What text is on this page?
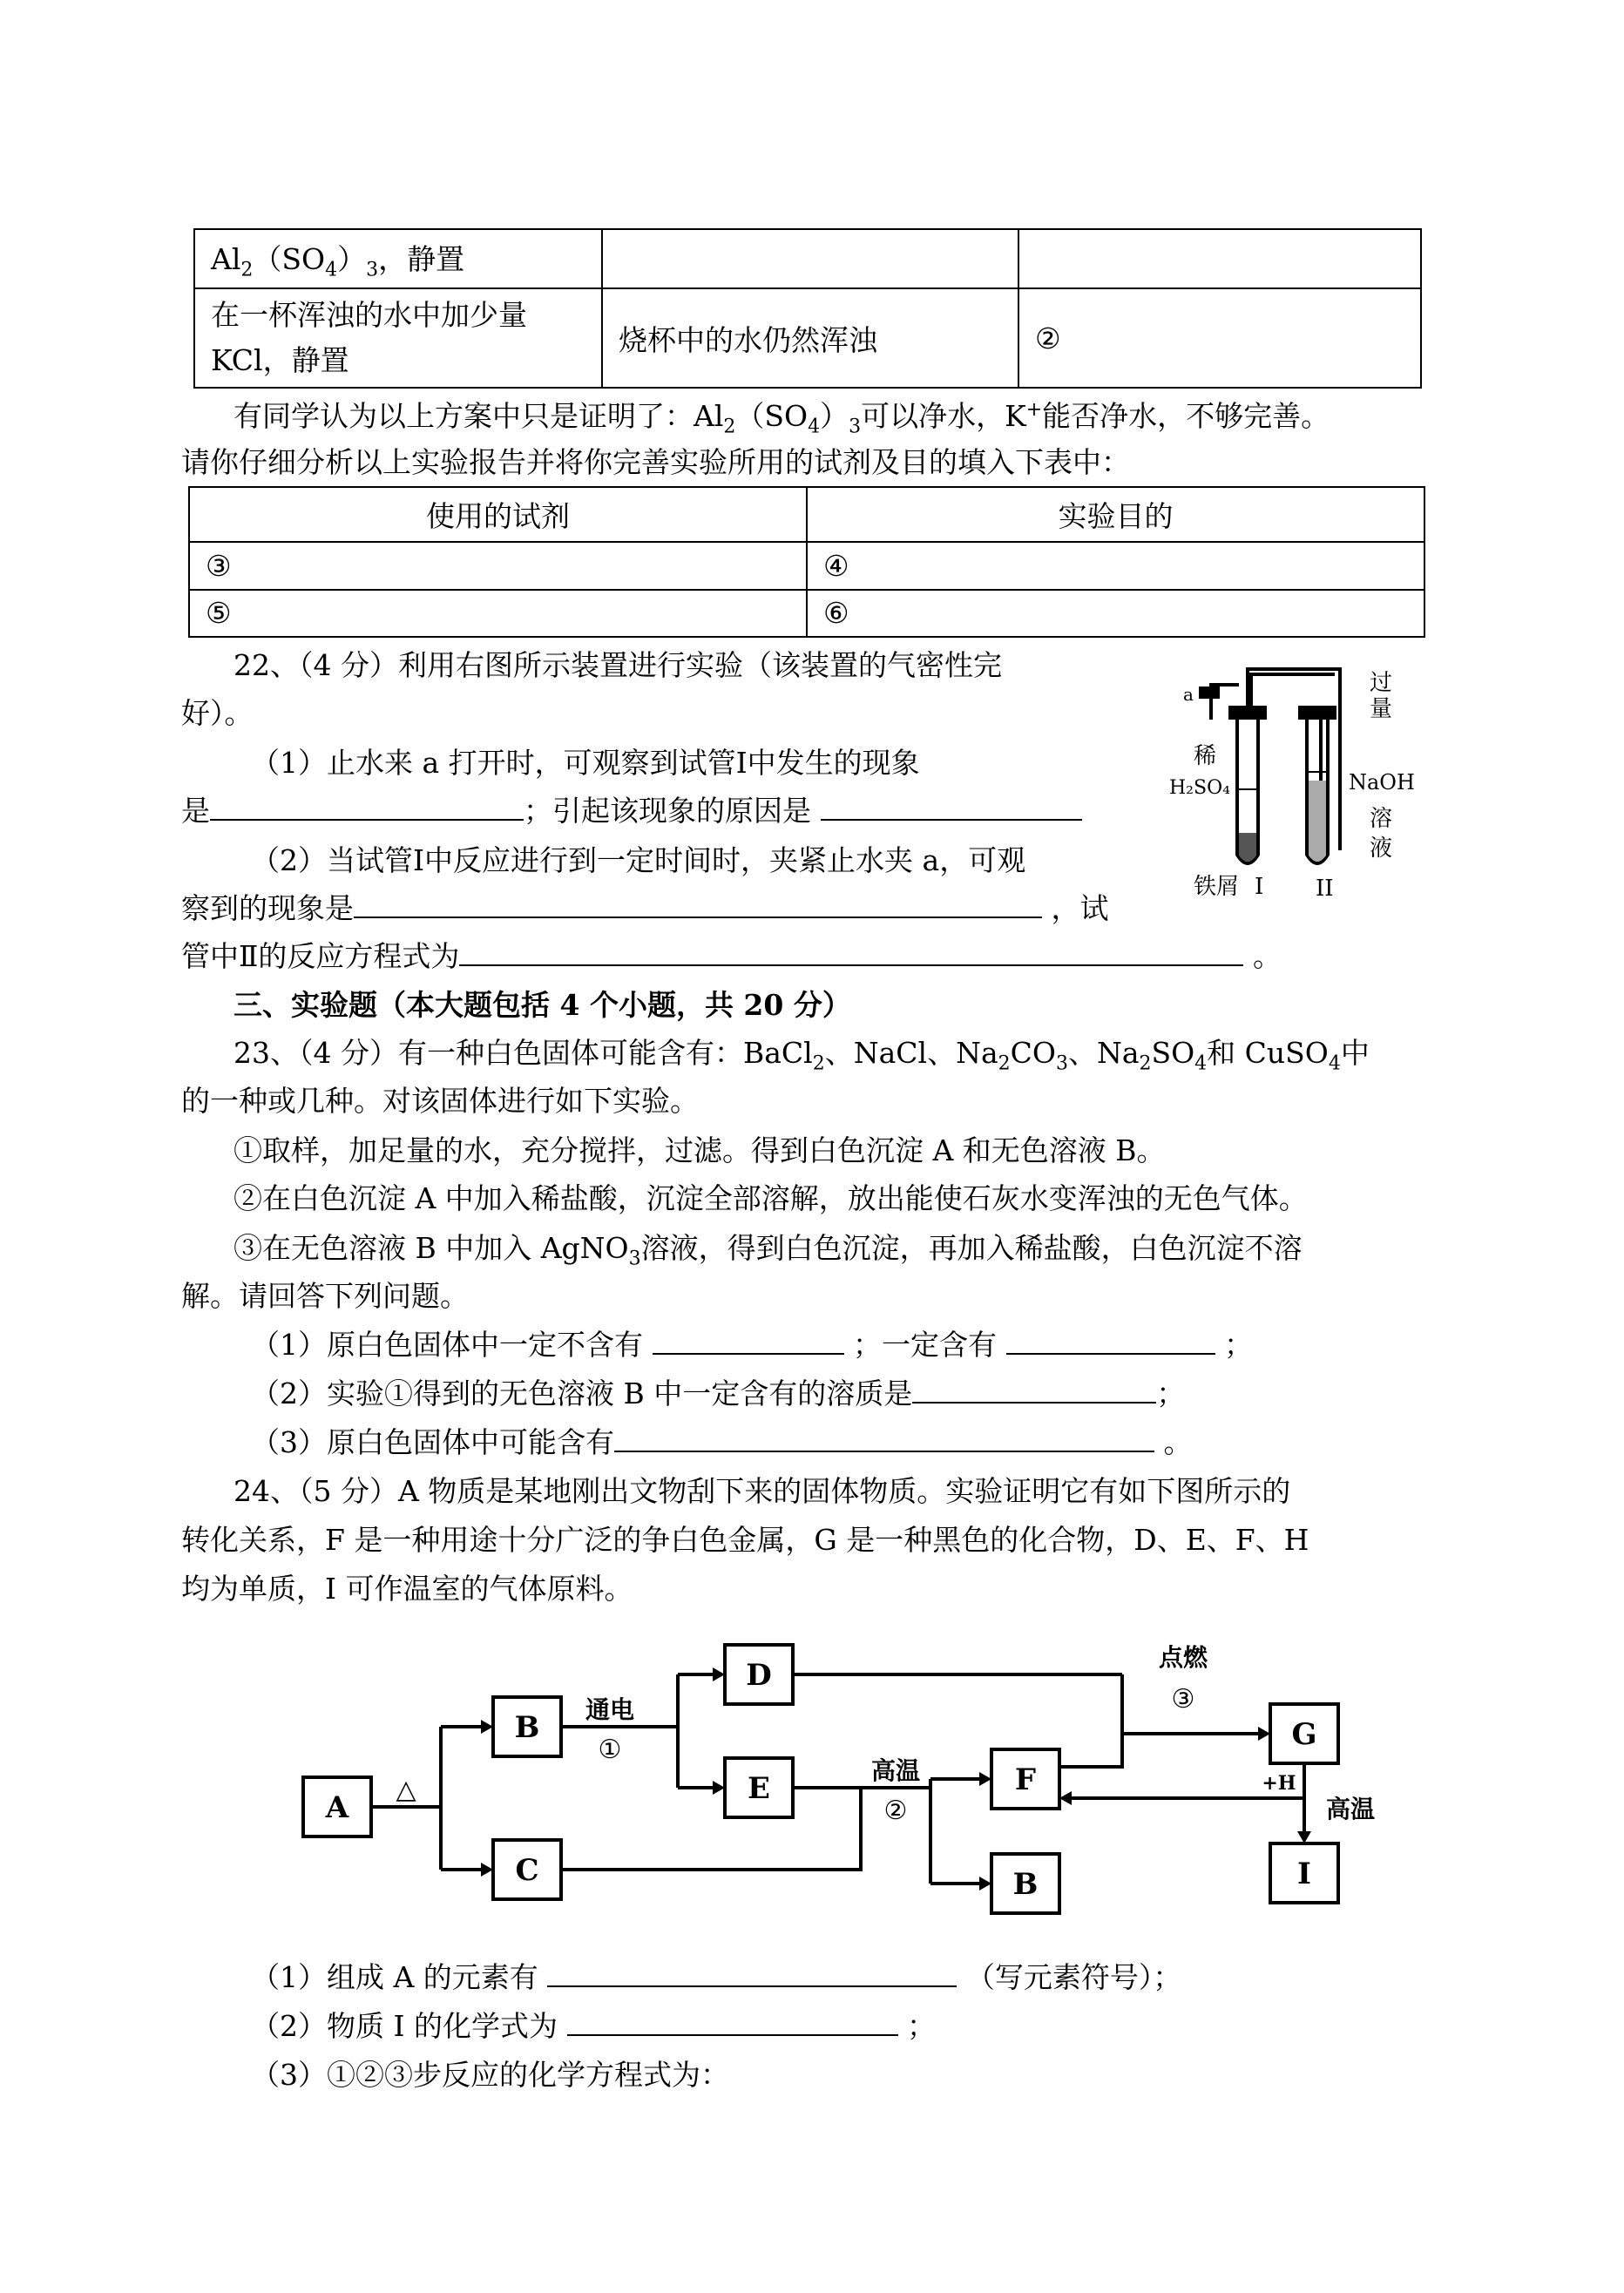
$Al_2(SO_4)_3$，静置		
在一杯浑浊的水中加少量
KCl，静置	烧杯中的水仍然浑浊	②
有同学认为以上方案中只是证明了：$Al_2(SO_4)_3$可以净水，K+能否净水，不够完善。
请你仔细分析以上实验报告并将你完善实验所用的试剂及目的填入下表中：
使用的试剂	实验目的
③	④
⑤	⑥
22、（4 分）利用右图所示装置进行实验（该装置的气密性完
好）。
（1）止水来 a 打开时，可观察到试管Ⅰ中发生的现象
是	；引起该现象的原因是
（2）当试管Ⅰ中反应进行到一定时间时，夹紧止水夹 a，可观
察到的现象是	，试
管中Ⅱ的反应方程式为	。
a
稀
H₂SO₄
铁屑 I II
过
量
NaOH
溶
液
三、实验题（本大题包括 4 个小题，共 20 分）
23、（4 分）有一种白色固体可能含有：BaCl$_2$、NaCl、$Na_2CO_3$、$Na_2SO_4$和 CuSO$_4$中
的一种或几种。对该固体进行如下实验。
①取样，加足量的水，充分搅拌，过滤。得到白色沉淀 A 和无色溶液 B。
②在白色沉淀 A 中加入稀盐酸，沉淀全部溶解，放出能使石灰水变浑浊的无色气体。
③在无色溶液 B 中加入 AgNO$_3$溶液，得到白色沉淀，再加入稀盐酸，白色沉淀不溶
解。请回答下列问题。
（1）原白色固体中一定不含有	；一定含有	；
（2）实验①得到的无色溶液 B 中一定含有的溶质是	；
（3）原白色固体中可能含有	。
24、（5 分）A 物质是某地刚出文物刮下来的固体物质。实验证明它有如下图所示的
转化关系，F 是一种用途十分广泛的争白色金属，G 是一种黑色的化合物，D、E、F、H
均为单质，I 可作温室的气体原料。
A
B
C
D
E	F
B
G
I
△
通电
①
高温
②
点燃
③
+H
高温
（1）组成 A 的元素有	（写元素符号）；
（2）物质 I 的化学式为	；
（3）①②③步反应的化学方程式为：
